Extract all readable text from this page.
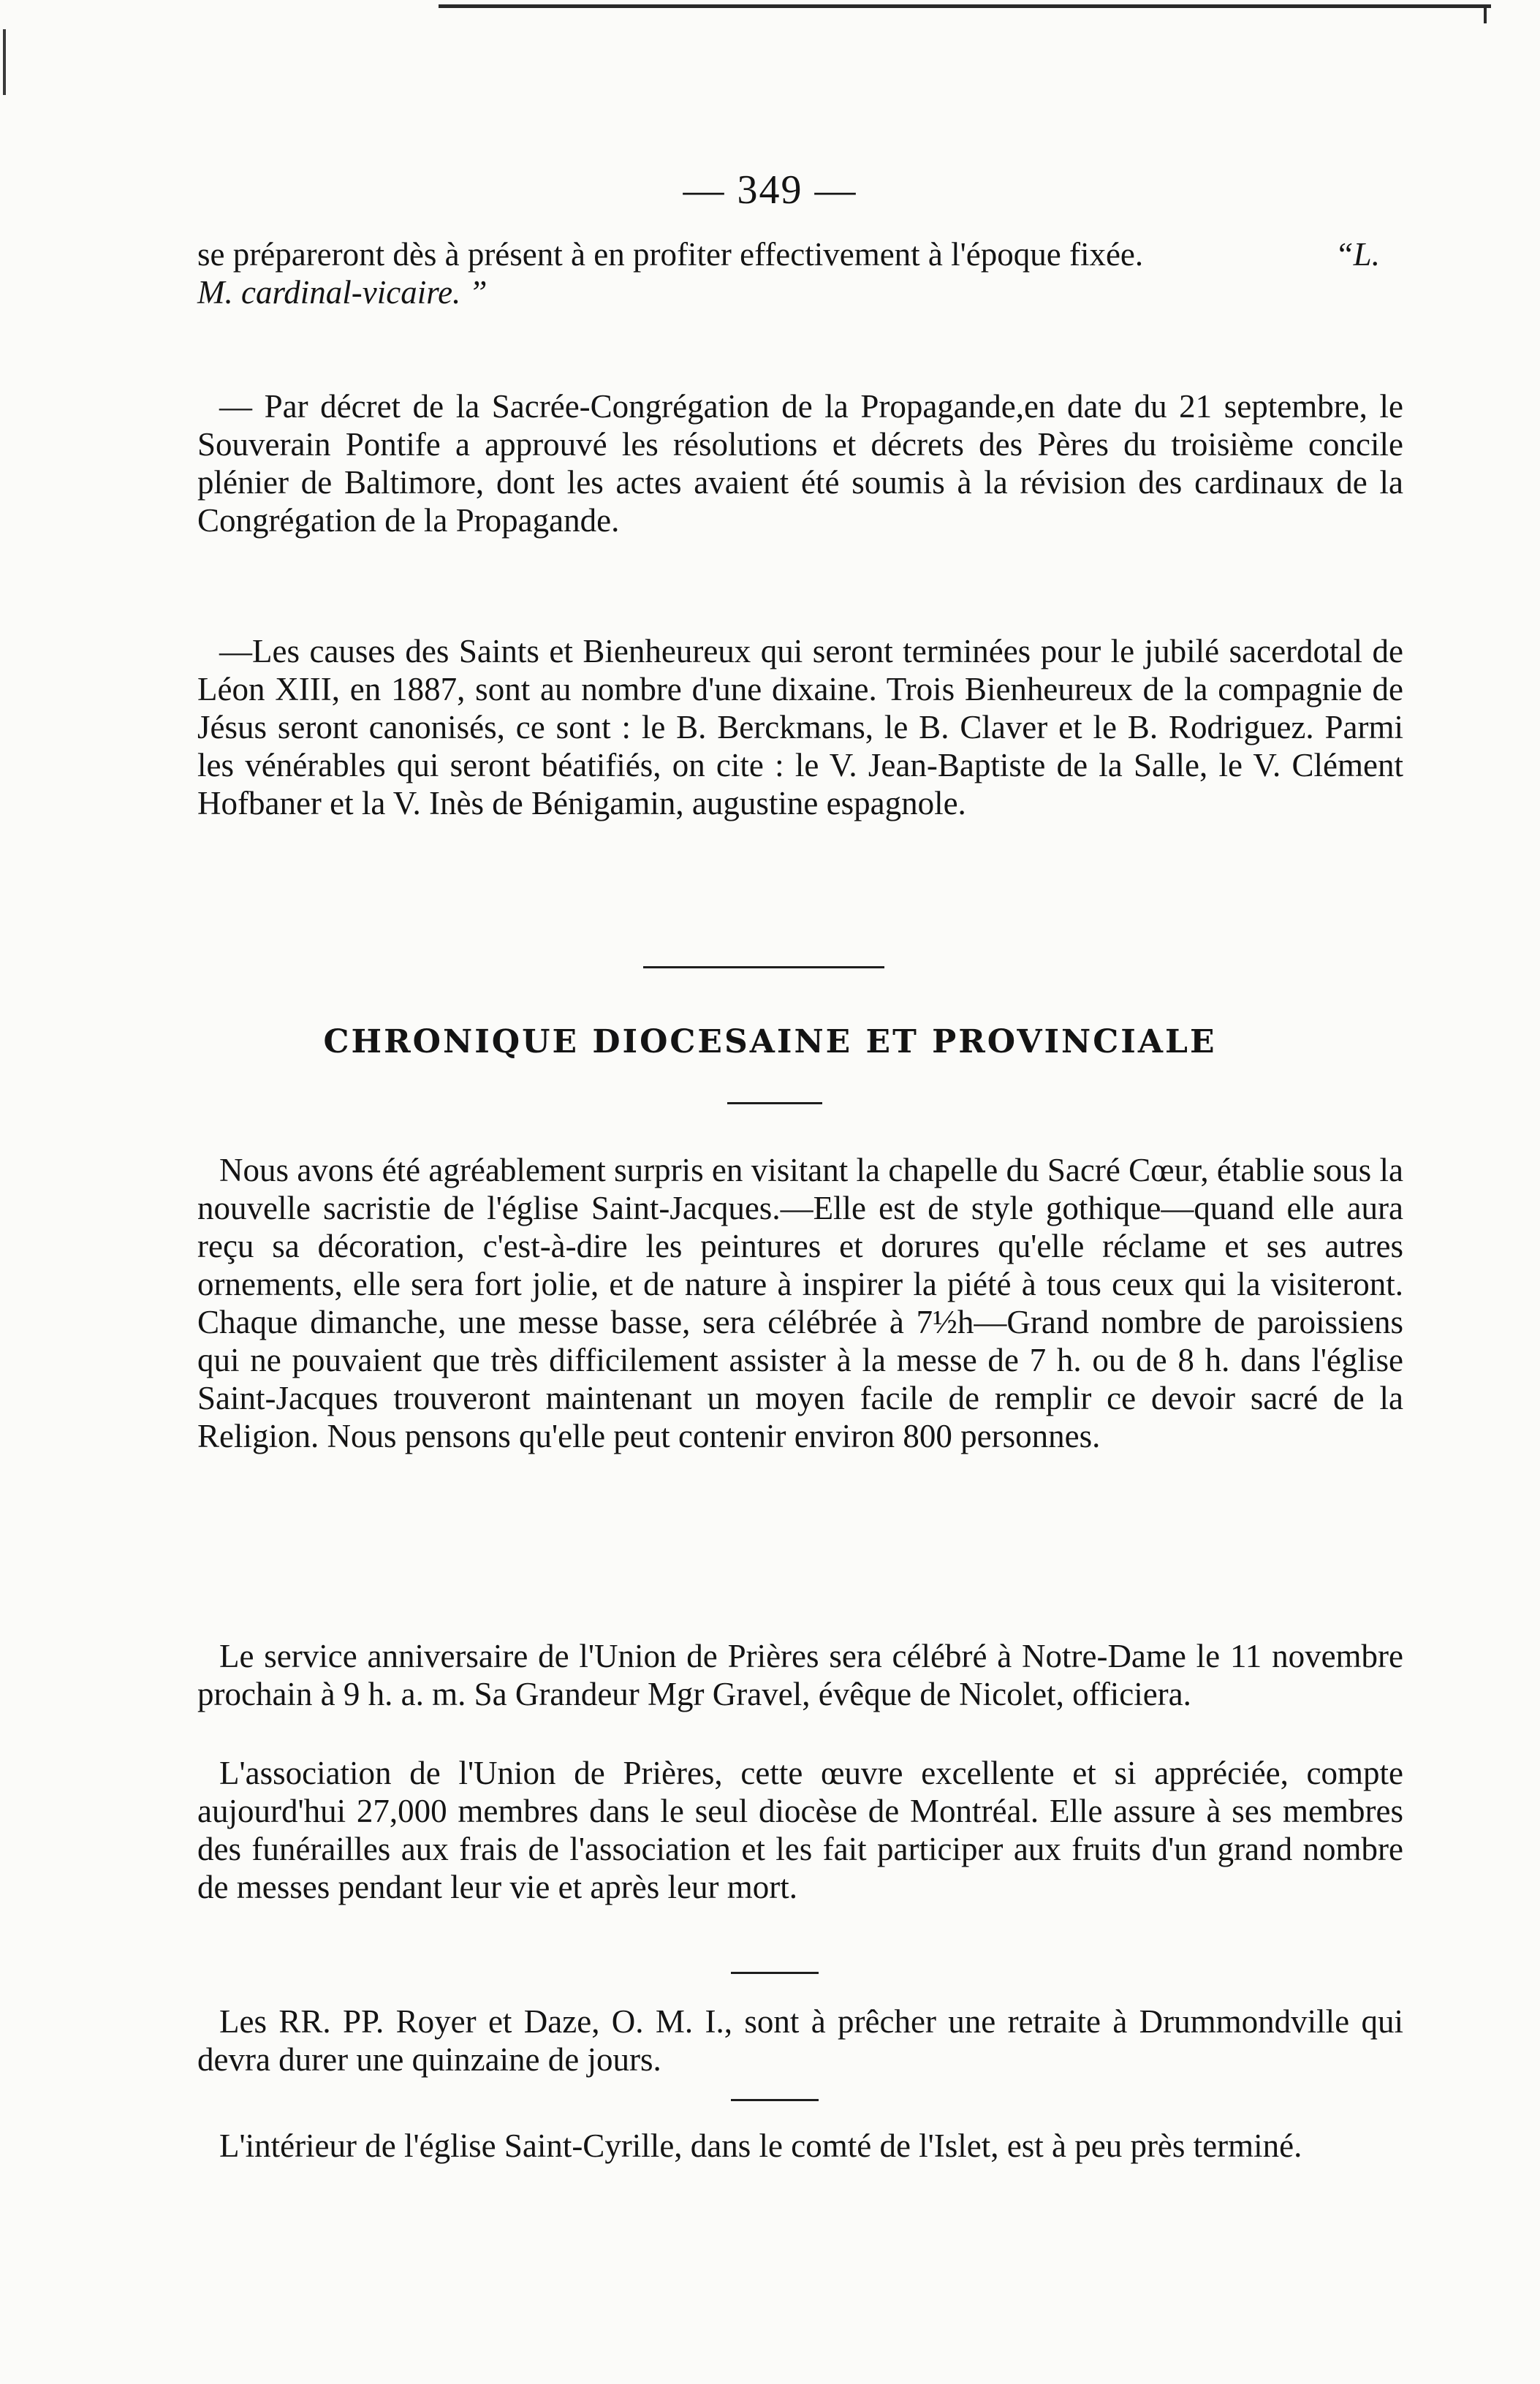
— 349 —

se prépareront dès à présent à en profiter effectivement à l'époque fixée.	“L. M. cardinal-vicaire. ”

— Par décret de la Sacrée-Congrégation de la Propagande,en date du 21 septembre, le Souverain Pontife a approuvé les résolutions et décrets des Pères du troisième concile plénier de Baltimore, dont les actes avaient été soumis à la révision des cardinaux de la Congrégation de la Propagande.

—Les causes des Saints et Bienheureux qui seront terminées pour le jubilé sacerdotal de Léon XIII, en 1887, sont au nombre d'une dixaine. Trois Bienheureux de la compagnie de Jésus seront canonisés, ce sont : le B. Berckmans, le B. Claver et le B. Rodriguez. Parmi les vénérables qui seront béatifiés, on cite : le V. Jean-Baptiste de la Salle, le V. Clément Hofbaner et la V. Inès de Bénigamin, augustine espagnole.

CHRONIQUE DIOCESAINE ET PROVINCIALE

Nous avons été agréablement surpris en visitant la chapelle du Sacré Cœur, établie sous la nouvelle sacristie de l'église Saint-Jacques.—Elle est de style gothique—quand elle aura reçu sa décoration, c'est-à-dire les peintures et dorures qu'elle réclame et ses autres ornements, elle sera fort jolie, et de nature à inspirer la piété à tous ceux qui la visiteront. Chaque dimanche, une messe basse, sera célébrée à 7½h—Grand nombre de paroissiens qui ne pouvaient que très difficilement assister à la messe de 7 h. ou de 8 h. dans l'église Saint-Jacques trouveront maintenant un moyen facile de remplir ce devoir sacré de la Religion. Nous pensons qu'elle peut contenir environ 800 personnes.

Le service anniversaire de l'Union de Prières sera célébré à Notre-Dame le 11 novembre prochain à 9 h. a. m. Sa Grandeur Mgr Gravel, évêque de Nicolet, officiera.

L'association de l'Union de Prières, cette œuvre excellente et si appréciée, compte aujourd'hui 27,000 membres dans le seul diocèse de Montréal. Elle assure à ses membres des funérailles aux frais de l'association et les fait participer aux fruits d'un grand nombre de messes pendant leur vie et après leur mort.

Les RR. PP. Royer et Daze, O. M. I., sont à prêcher une retraite à Drummondville qui devra durer une quinzaine de jours.

L'intérieur de l'église Saint-Cyrille, dans le comté de l'Islet, est à peu près terminé.
